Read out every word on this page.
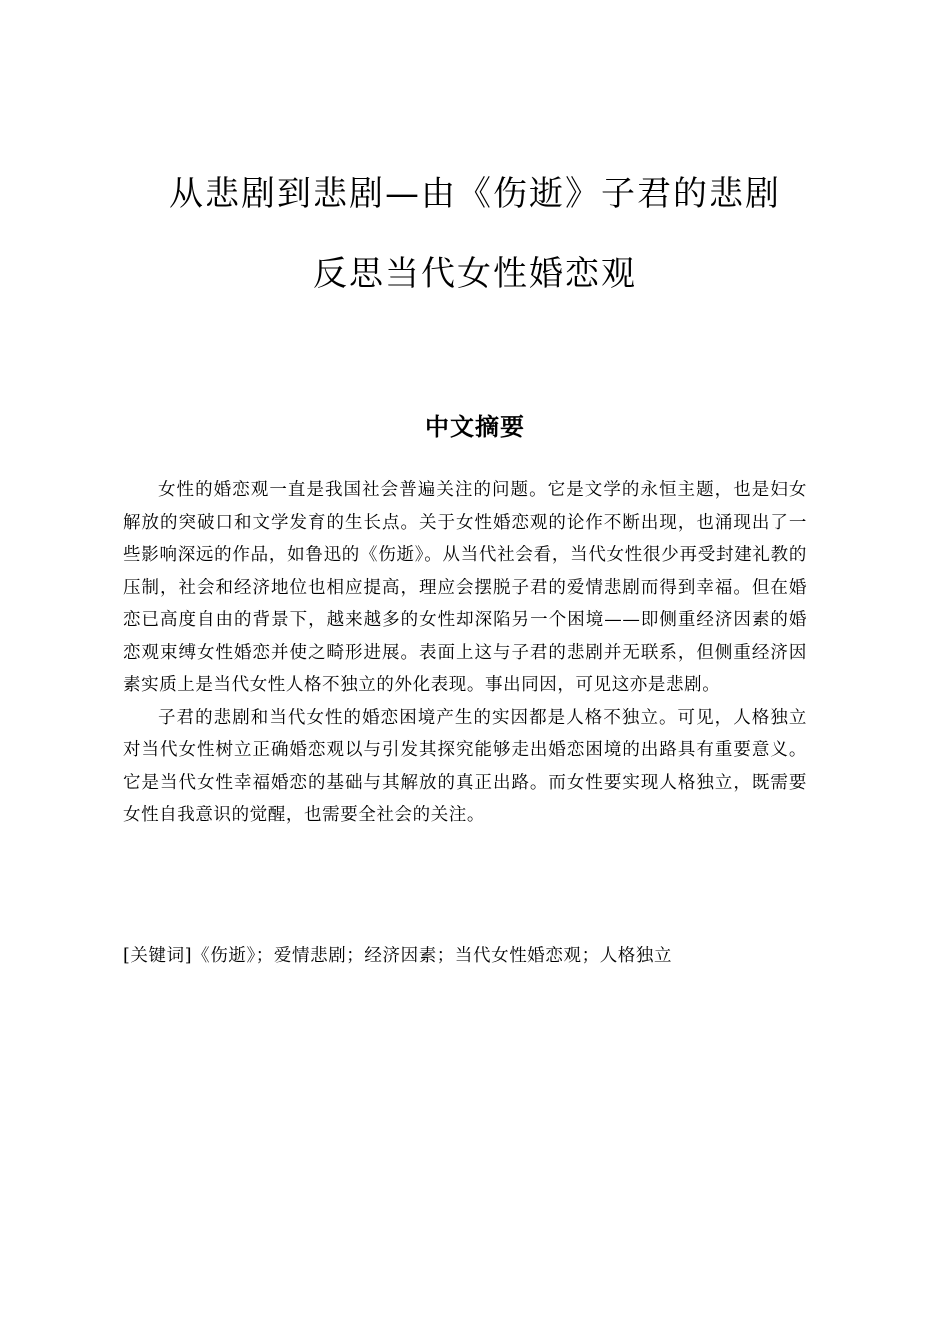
从悲剧到悲剧—由《伤逝》子君的悲剧
反思当代女性婚恋观
中文摘要

女性的婚恋观一直是我国社会普遍关注的问题。它是文学的永恒主题，也是妇女解放的突破口和文学发育的生长点。关于女性婚恋观的论作不断出现，也涌现出了一些影响深远的作品，如鲁迅的《伤逝》。从当代社会看，当代女性很少再受封建礼教的压制，社会和经济地位也相应提高，理应会摆脱子君的爱情悲剧而得到幸福。但在婚恋已高度自由的背景下，越来越多的女性却深陷另一个困境——即侧重经济因素的婚恋观束缚女性婚恋并使之畸形进展。表面上这与子君的悲剧并无联系，但侧重经济因素实质上是当代女性人格不独立的外化表现。事出同因，可见这亦是悲剧。

子君的悲剧和当代女性的婚恋困境产生的实因都是人格不独立。可见，人格独立对当代女性树立正确婚恋观以与引发其探究能够走出婚恋困境的出路具有重要意义。它是当代女性幸福婚恋的基础与其解放的真正出路。而女性要实现人格独立，既需要女性自我意识的觉醒，也需要全社会的关注。

[关键词]《伤逝》；爱情悲剧；经济因素；当代女性婚恋观；人格独立
